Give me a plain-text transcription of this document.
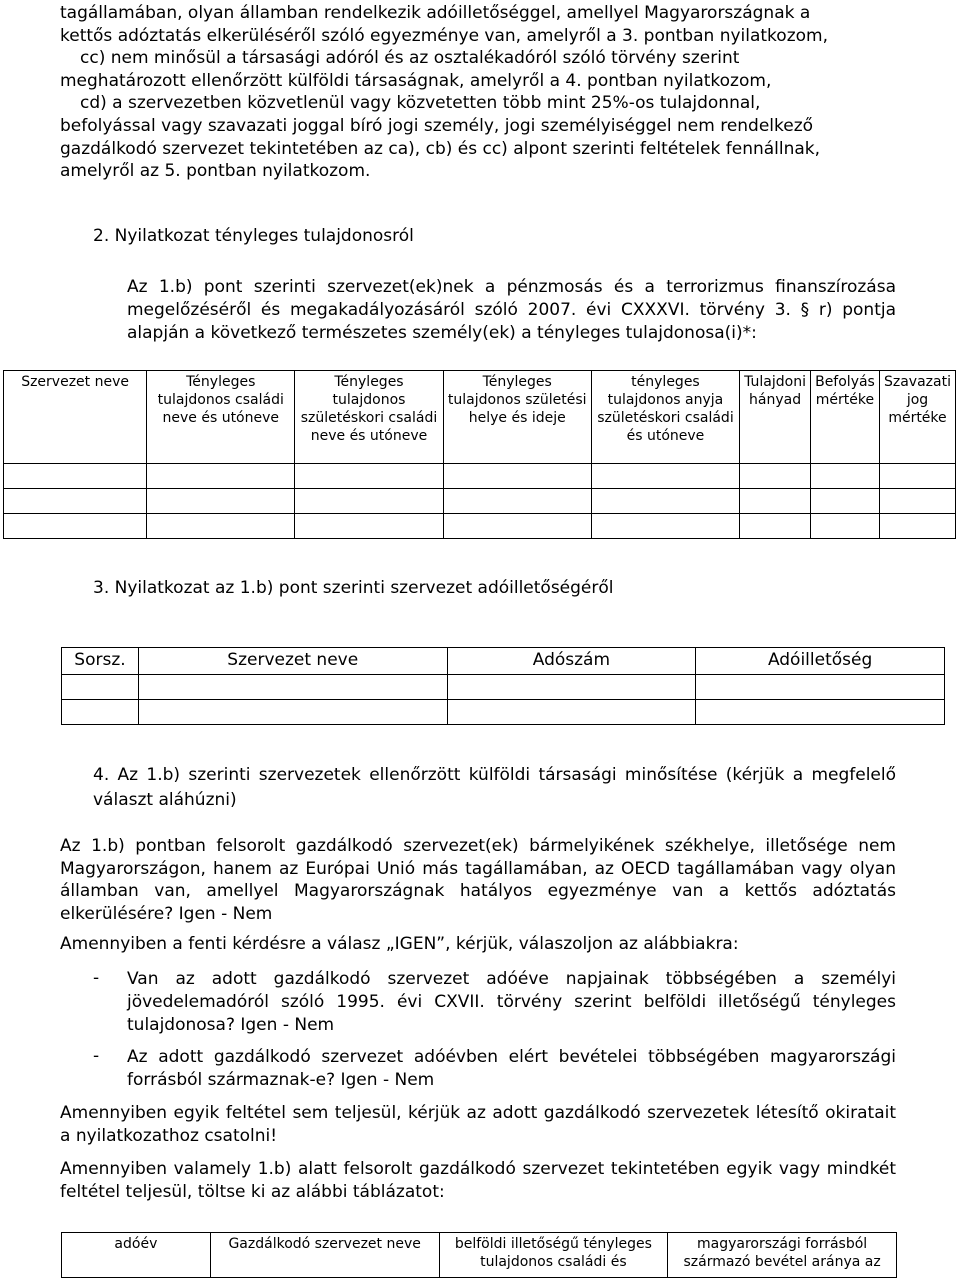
tagállamában, olyan államban rendelkezik adóilletőséggel, amellyel Magyarországnak a

kettős adóztatás elkerüléséről szóló egyezménye van, amelyről a 3. pontban nyilatkozom,

cc) nem minősül a társasági adóról és az osztalékadóról szóló törvény szerint

meghatározott ellenőrzött külföldi társaságnak, amelyről a 4. pontban nyilatkozom,

cd) a szervezetben közvetlenül vagy közvetetten több mint 25%-os tulajdonnal,

befolyással vagy szavazati joggal bíró jogi személy, jogi személyiséggel nem rendelkező

gazdálkodó szervezet tekintetében az ca), cb) és cc) alpont szerinti feltételek fennállnak,

amelyről az 5. pontban nyilatkozom.

2. Nyilatkozat tényleges tulajdonosról

Az 1.b) pont szerinti szervezet(ek)nek a pénzmosás és a terrorizmus finanszírozása megelőzéséről és megakadályozásáról szóló 2007. évi CXXXVI. törvény 3. § r) pontja alapján a következő természetes személy(ek) a tényleges tulajdonosa(i)*:

Szervezet neve	Tényleges tulajdonos családi neve és utóneve	Tényleges tulajdonos születéskori családi neve és utóneve	Tényleges tulajdonos születési helye és ideje	tényleges tulajdonos anyja születéskori családi és utóneve	Tulajdoni hányad	Befolyás mértéke	Szavazati jog mértéke

3. Nyilatkozat az 1.b) pont szerinti szervezet adóilletőségéről
Sorsz.	Szervezet neve	Adószám	Adóilletőség

4. Az 1.b) szerinti szervezetek ellenőrzött külföldi társasági minősítése (kérjük a megfelelő választ aláhúzni)

Az 1.b) pontban felsorolt gazdálkodó szervezet(ek) bármelyikének székhelye, illetősége nem Magyarországon, hanem az Európai Unió más tagállamában, az OECD tagállamában vagy olyan államban van, amellyel Magyarországnak hatályos egyezménye van a kettős adóztatás elkerülésére? Igen - Nem

Amennyiben a fenti kérdésre a válasz „IGEN”, kérjük, válaszoljon az alábbiakra:

- Van az adott gazdálkodó szervezet adóéve napjainak többségében a személyi jövedelemadóról szóló 1995. évi CXVII. törvény szerint belföldi illetőségű tényleges tulajdonosa? Igen - Nem

- Az adott gazdálkodó szervezet adóévben elért bevételei többségében magyarországi forrásból származnak-e? Igen - Nem

Amennyiben egyik feltétel sem teljesül, kérjük az adott gazdálkodó szervezetek létesítő okiratait a nyilatkozathoz csatolni!

Amennyiben valamely 1.b) alatt felsorolt gazdálkodó szervezet tekintetében egyik vagy mindkét feltétel teljesül, töltse ki az alábbi táblázatot:

adóév	Gazdálkodó szervezet neve	belföldi illetőségű tényleges tulajdonos családi és	magyarországi forrásból származó bevétel aránya az
